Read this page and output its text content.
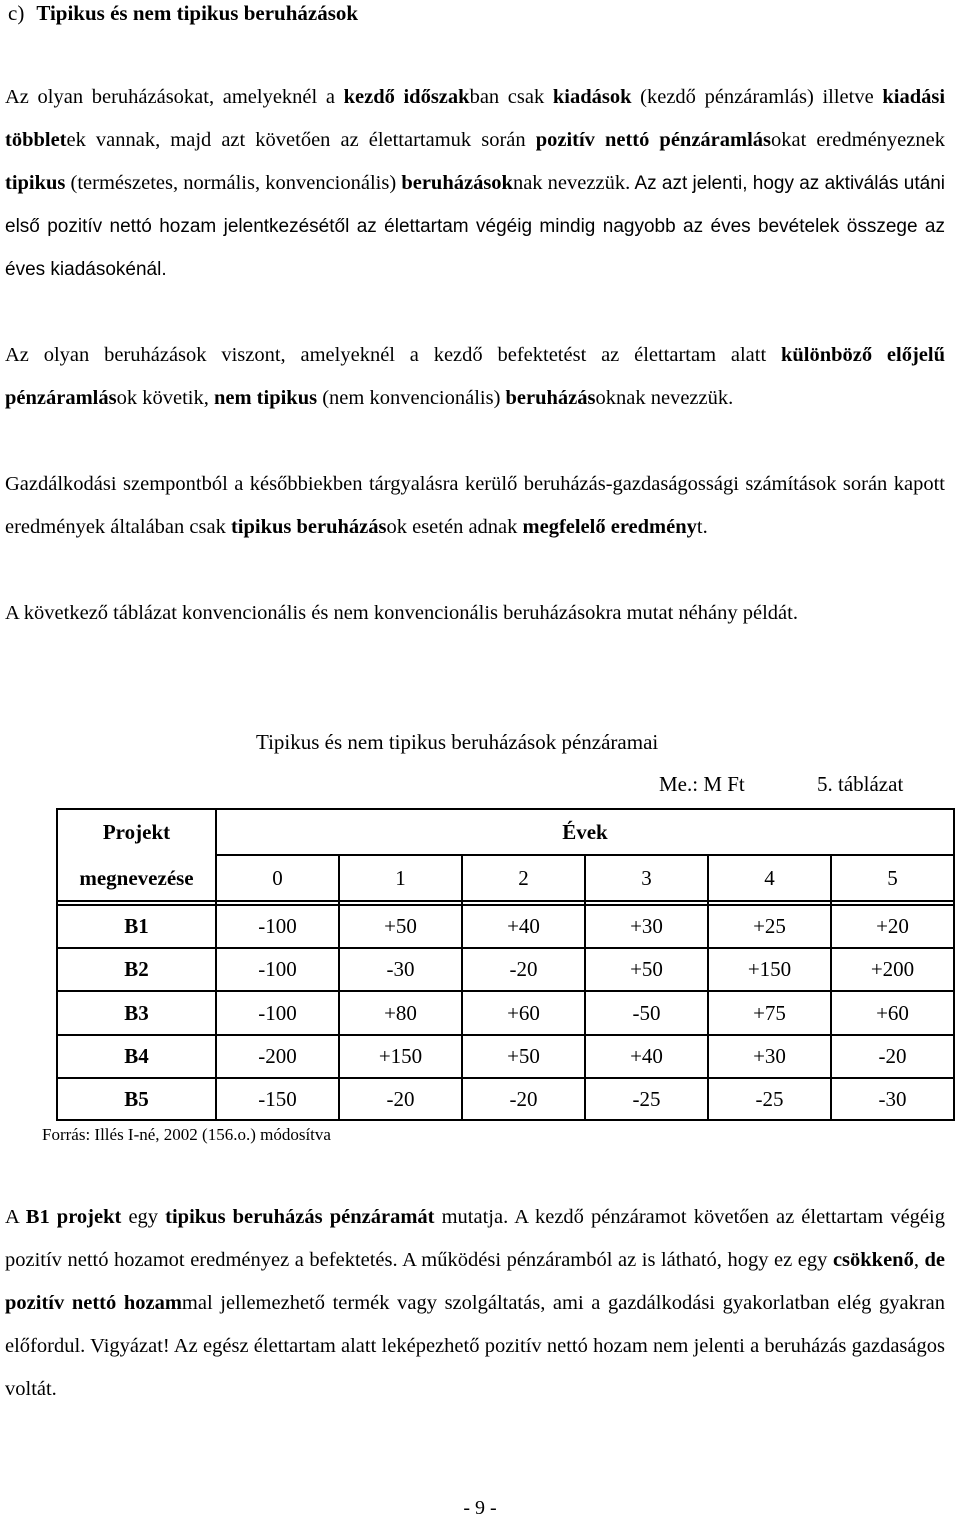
c) Tipikus és nem tipikus beruházások
Az olyan beruházásokat, amelyeknél a kezdő időszakban csak kiadások (kezdő pénzáramlás) illetve kiadási többletek vannak, majd azt követően az élettartamuk során pozitív nettó pénzáramlásokat eredményeznek tipikus (természetes, normális, konvencionális) beruházásoknak nevezzük. Az azt jelenti, hogy az aktiválás utáni első pozitív nettó hozam jelentkezésétől az élettartam végéig mindig nagyobb az éves bevételek összege az éves kiadásokénál.
Az olyan beruházások viszont, amelyeknél a kezdő befektetést az élettartam alatt különböző előjelű pénzáramlások követik, nem tipikus (nem konvencionális) beruházásoknak nevezzük.
Gazdálkodási szempontból a későbbiekben tárgyalásra kerülő beruházás-gazdaságossági számítások során kapott eredmények általában csak tipikus beruházások esetén adnak megfelelő eredményt.
A következő táblázat konvencionális és nem konvencionális beruházásokra mutat néhány példát.
Tipikus és nem tipikus beruházások pénzáramai
Me.: M Ft	5. táblázat
Projekt	Évek
megnevezése	0	1	2	3	4	5
B1	-100	+50	+40	+30	+25	+20
B2	-100	-30	-20	+50	+150	+200
B3	-100	+80	+60	-50	+75	+60
B4	-200	+150	+50	+40	+30	-20
B5	-150	-20	-20	-25	-25	-30
Forrás: Illés I-né, 2002 (156.o.) módosítva
A B1 projekt egy tipikus beruházás pénzáramát mutatja. A kezdő pénzáramot követően az élettartam végéig pozitív nettó hozamot eredményez a befektetés. A működési pénzáramból az is látható, hogy ez egy csökkenő, de pozitív nettó hozammal jellemezhető termék vagy szolgáltatás, ami a gazdálkodási gyakorlatban elég gyakran előfordul. Vigyázat! Az egész élettartam alatt leképezhető pozitív nettó hozam nem jelenti a beruházás gazdaságos voltát.
- 9 -
